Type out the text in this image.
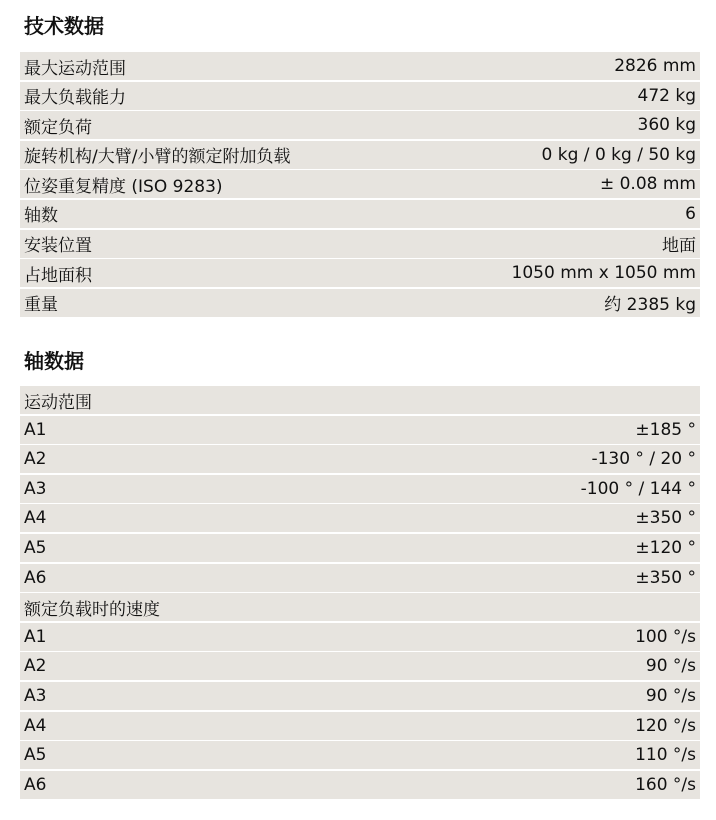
技术数据
最大运动范围	2826 mm
最大负载能力	472 kg
额定负荷	360 kg
旋转机构/大臂/小臂的额定附加负载	0 kg / 0 kg / 50 kg
位姿重复精度 (ISO 9283)	± 0.08 mm
轴数	6
安装位置	地面
占地面积	1050 mm x 1050 mm
重量	约 2385 kg
轴数据
运动范围
A1	±185 °
A2	-130 ° / 20 °
A3	-100 ° / 144 °
A4	±350 °
A5	±120 °
A6	±350 °
额定负载时的速度
A1	100 °/s
A2	90 °/s
A3	90 °/s
A4	120 °/s
A5	110 °/s
A6	160 °/s
